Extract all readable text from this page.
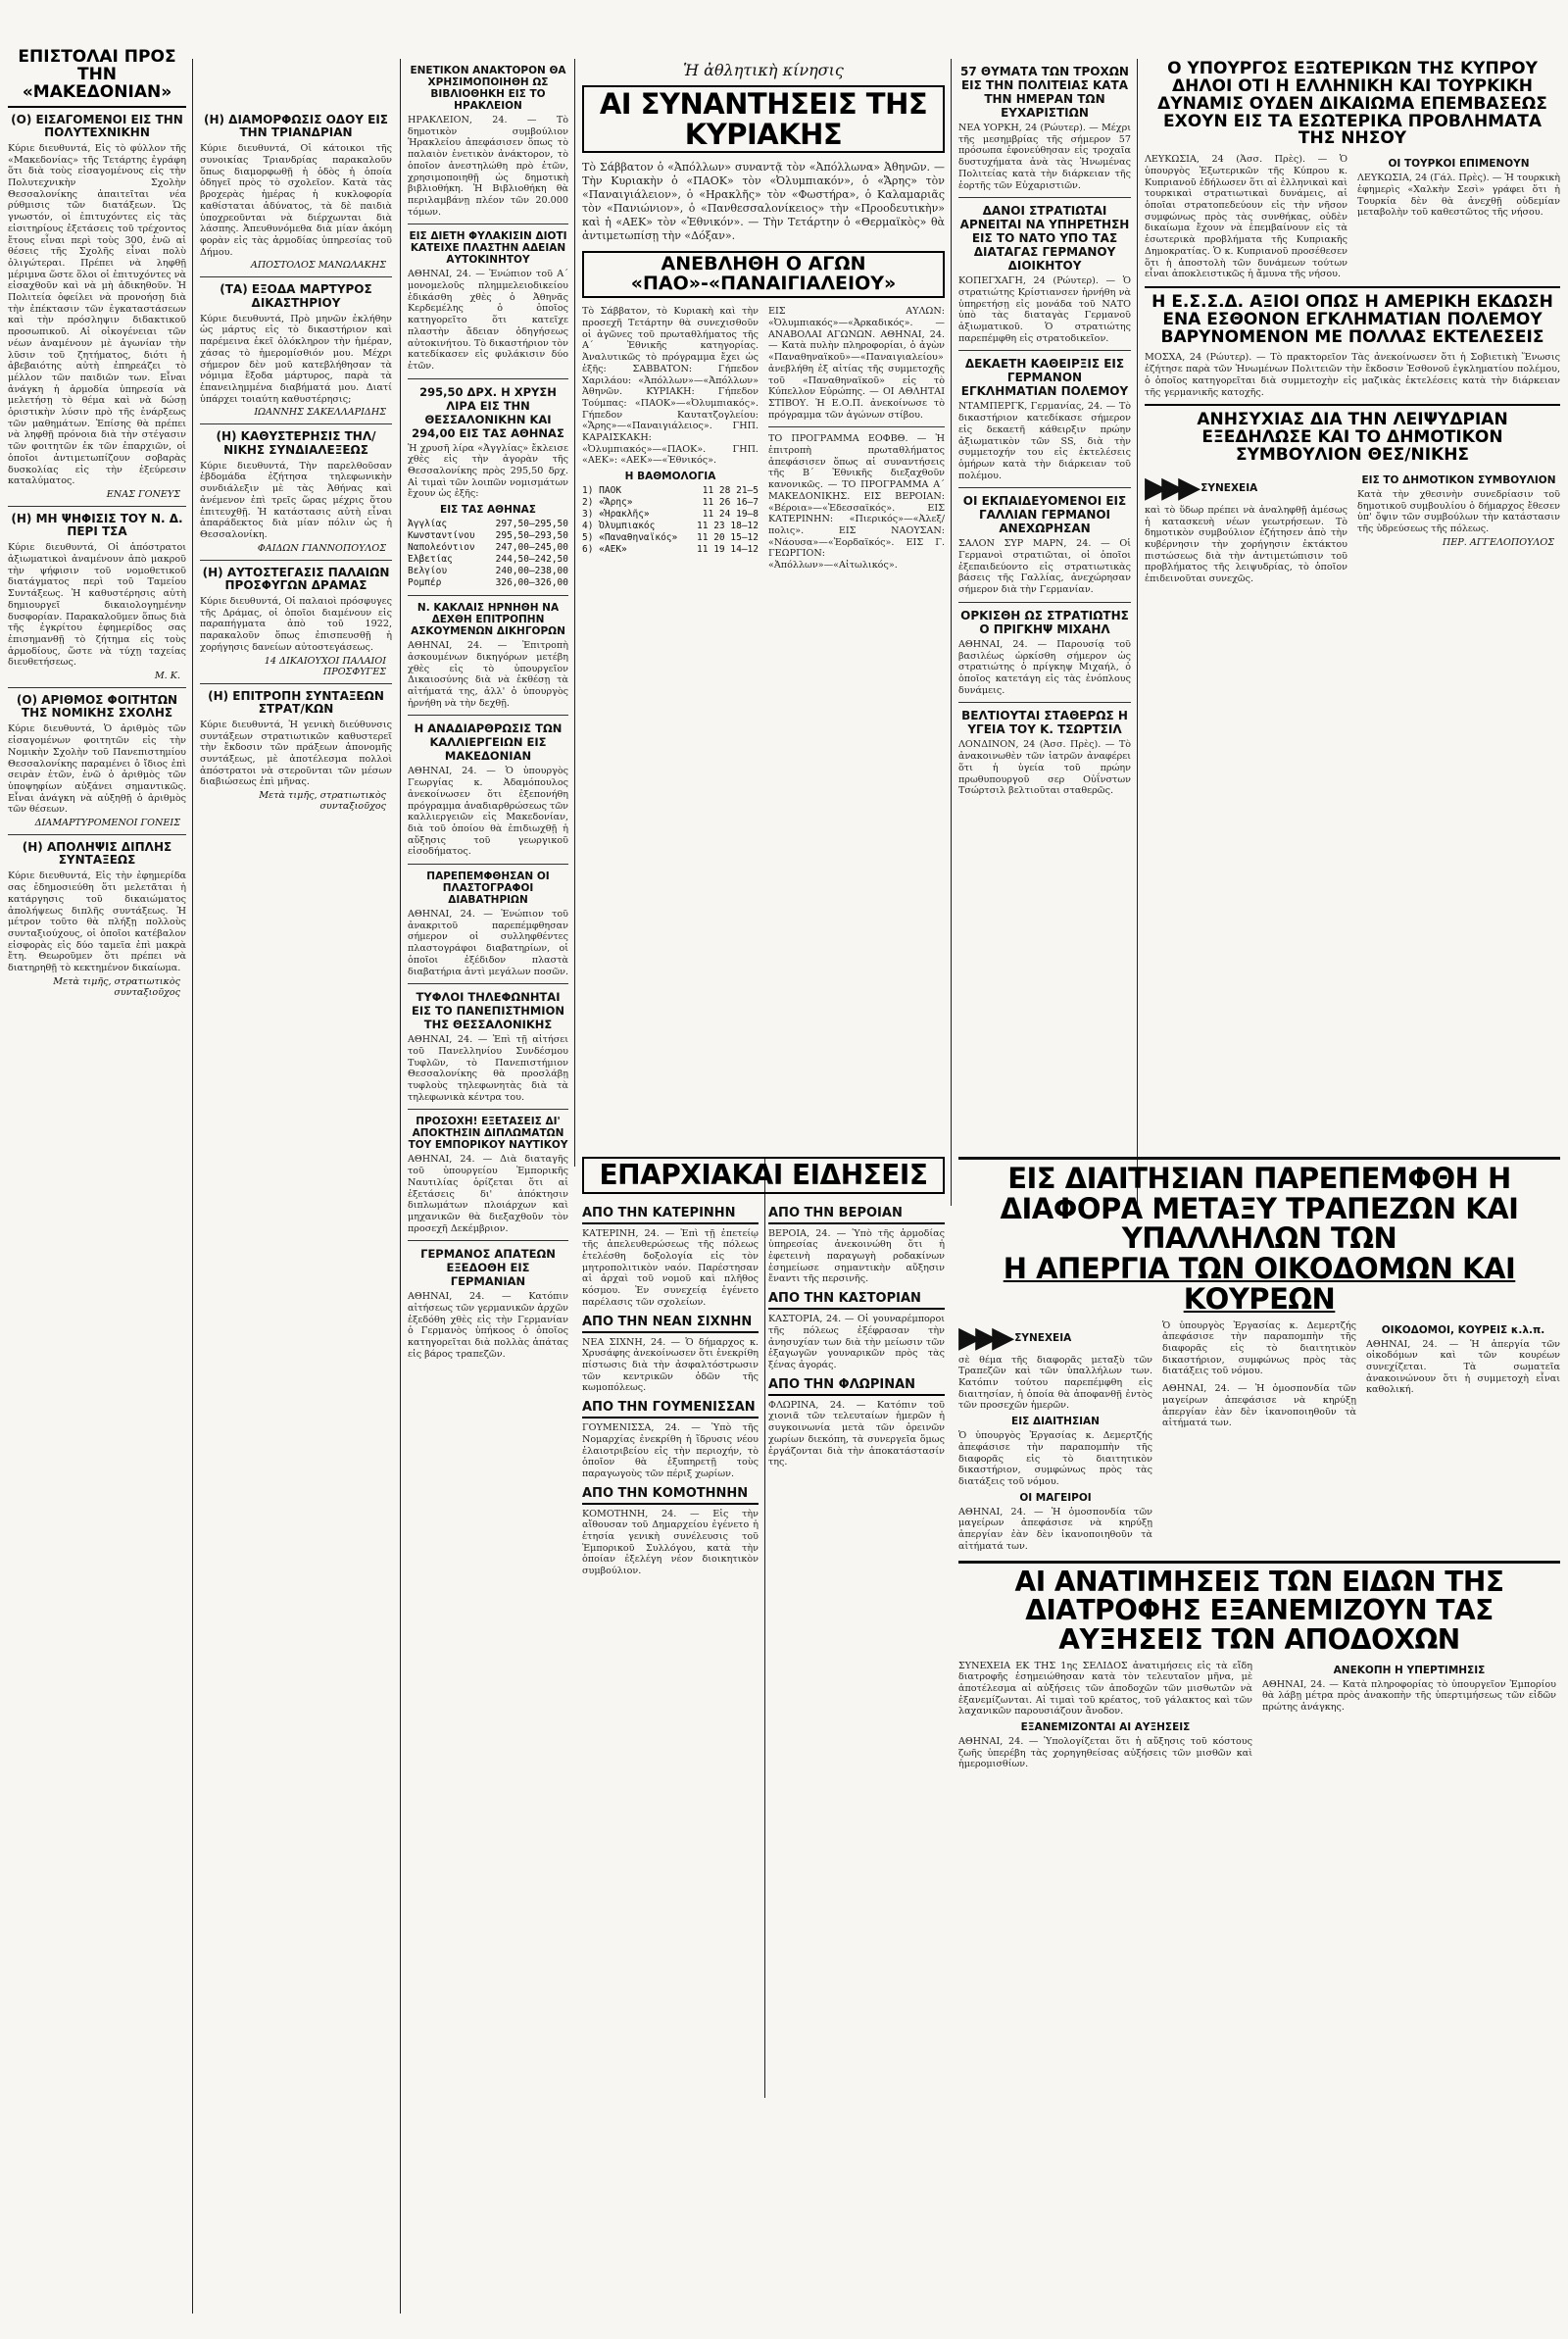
ΕΠΙΣΤΟΛΑΙ ΠΡΟΣ ΤΗΝ «ΜΑΚΕΔΟΝΙΑΝ»
(Ο) ΕΙΣΑΓΟΜΕΝΟΙ ΕΙΣ ΤΗΝ ΠΟΛΥΤΕΧΝΙΚΗΝ
Κύριε διευθυντά, Εἰς τὸ φύλλον τῆς «Μακεδονίας» τῆς Τετάρτης ἐγράφη ὅτι διὰ τοὺς εἰσαγομένους εἰς τὴν Πολυτεχνικὴν Σχολὴν Θεσσαλονίκης ἀπαιτεῖται νέα ρύθμισις τῶν διατάξεων. Ὡς γνωστόν, οἱ ἐπιτυχόντες εἰς τὰς εἰσιτηρίους ἐξετάσεις τοῦ τρέχοντος ἔτους εἶναι περὶ τοὺς 300, ἐνῶ αἱ θέσεις τῆς Σχολῆς εἶναι πολὺ ὀλιγώτεραι. Πρέπει νὰ ληφθῇ μέριμνα ὥστε ὅλοι οἱ ἐπιτυχόντες νὰ εἰσαχθοῦν καὶ νὰ μὴ ἀδικηθοῦν. Ἡ Πολιτεία ὀφείλει νὰ προνοήσῃ διὰ τὴν ἐπέκτασιν τῶν ἐγκαταστάσεων καὶ τὴν πρόσληψιν διδακτικοῦ προσωπικοῦ. Αἱ οἰκογένειαι τῶν νέων ἀναμένουν μὲ ἀγωνίαν τὴν λῦσιν τοῦ ζητήματος, διότι ἡ ἀβεβαιότης αὐτὴ ἐπηρεάζει τὸ μέλλον τῶν παιδιῶν των. Εἶναι ἀνάγκη ἡ ἁρμοδία ὑπηρεσία νὰ μελετήσῃ τὸ θέμα καὶ νὰ δώσῃ ὁριστικὴν λύσιν πρὸ τῆς ἐνάρξεως τῶν μαθημάτων. Ἐπίσης θὰ πρέπει νὰ ληφθῇ πρόνοια διὰ τὴν στέγασιν τῶν φοιτητῶν ἐκ τῶν ἐπαρχιῶν, οἱ ὁποῖοι ἀντιμετωπίζουν σοβαρὰς δυσκολίας εἰς τὴν ἐξεύρεσιν καταλύματος.
ΕΝΑΣ ΓΟΝΕΥΣ
(Η) ΜΗ ΨΗΦΙΣΙΣ ΤΟΥ Ν. Δ. ΠΕΡΙ ΤΣΑ
Κύριε διευθυντά, Οἱ ἀπόστρατοι ἀξιωματικοὶ ἀναμένουν ἀπὸ μακροῦ τὴν ψήφισιν τοῦ νομοθετικοῦ διατάγματος περὶ τοῦ Ταμείου Συντάξεως. Ἡ καθυστέρησις αὐτὴ δημιουργεῖ δικαιολογημένην δυσφορίαν. Παρακαλοῦμεν ὅπως διὰ τῆς ἐγκρίτου ἐφημερίδος σας ἐπισημανθῇ τὸ ζήτημα εἰς τοὺς ἁρμοδίους, ὥστε νὰ τύχῃ ταχείας διευθετήσεως.
Μ. Κ.
(Ο) ΑΡΙΘΜΟΣ ΦΟΙΤΗΤΩΝ ΤΗΣ ΝΟΜΙΚΗΣ ΣΧΟΛΗΣ
Κύριε διευθυντά, Ὁ ἀριθμὸς τῶν εἰσαγομένων φοιτητῶν εἰς τὴν Νομικὴν Σχολὴν τοῦ Πανεπιστημίου Θεσσαλονίκης παραμένει ὁ ἴδιος ἐπὶ σειρὰν ἐτῶν, ἐνῶ ὁ ἀριθμὸς τῶν ὑποψηφίων αὐξάνει σημαντικῶς. Εἶναι ἀνάγκη νὰ αὐξηθῇ ὁ ἀριθμὸς τῶν θέσεων.
ΔΙΑΜΑΡΤΥΡΟΜΕΝΟΙ ΓΟΝΕΙΣ
(Η) ΑΠΟΛΗΨΙΣ ΔΙΠΛΗΣ ΣΥΝΤΑΞΕΩΣ
Κύριε διευθυντά, Εἰς τὴν ἐφημερίδα σας ἐδημοσιεύθη ὅτι μελετᾶται ἡ κατάργησις τοῦ δικαιώματος ἀπολήψεως διπλῆς συντάξεως. Ἡ μέτρον τοῦτο θὰ πλήξῃ πολλοὺς συνταξιούχους, οἱ ὁποῖοι κατέβαλον εἰσφορὰς εἰς δύο ταμεῖα ἐπὶ μακρὰ ἔτη. Θεωροῦμεν ὅτι πρέπει νὰ διατηρηθῇ τὸ κεκτημένον δικαίωμα.
Μετὰ τιμῆς, στρατιωτικὸς συνταξιοῦχος
(Η) ΔΙΑΜΟΡΦΩΣΙΣ ΟΔΟΥ ΕΙΣ ΤΗΝ ΤΡΙΑΝΔΡΙΑΝ
Κύριε διευθυντά, Οἱ κάτοικοι τῆς συνοικίας Τριανδρίας παρακαλοῦν ὅπως διαμορφωθῇ ἡ ὁδὸς ἡ ὁποία ὁδηγεῖ πρὸς τὸ σχολεῖον. Κατὰ τὰς βροχερὰς ἡμέρας ἡ κυκλοφορία καθίσταται ἀδύνατος, τὰ δὲ παιδιὰ ὑποχρεοῦνται νὰ διέρχωνται διὰ λάσπης. Ἀπευθυνόμεθα διὰ μίαν ἀκόμη φορὰν εἰς τὰς ἁρμοδίας ὑπηρεσίας τοῦ Δήμου.
ΑΠΟΣΤΟΛΟΣ ΜΑΝΩΛΑΚΗΣ
(ΤΑ) ΕΞΟΔΑ ΜΑΡΤΥΡΟΣ ΔΙΚΑΣΤΗΡΙΟΥ
Κύριε διευθυντά, Πρὸ μηνῶν ἐκλήθην ὡς μάρτυς εἰς τὸ δικαστήριον καὶ παρέμεινα ἐκεῖ ὁλόκληρον τὴν ἡμέραν, χάσας τὸ ἡμερομίσθιόν μου. Μέχρι σήμερον δὲν μοῦ κατεβλήθησαν τὰ νόμιμα ἔξοδα μάρτυρος, παρὰ τὰ ἐπανειλημμένα διαβήματά μου. Διατί ὑπάρχει τοιαύτη καθυστέρησις;
ΙΩΑΝΝΗΣ ΣΑΚΕΛΛΑΡΙΔΗΣ
(Η) ΚΑΘΥΣΤΕΡΗΣΙΣ ΤΗΛ/ΝΙΚΗΣ ΣΥΝΔΙΑΛΕΞΕΩΣ
Κύριε διευθυντά, Τὴν παρελθοῦσαν ἑβδομάδα ἐζήτησα τηλεφωνικὴν συνδιάλεξιν μὲ τὰς Ἀθήνας καὶ ἀνέμενον ἐπὶ τρεῖς ὥρας μέχρις ὅτου ἐπιτευχθῇ. Ἡ κατάστασις αὐτὴ εἶναι ἀπαράδεκτος διὰ μίαν πόλιν ὡς ἡ Θεσσαλονίκη.
ΦΑΙΔΩΝ ΓΙΑΝΝΟΠΟΥΛΟΣ
(Η) ΑΥΤΟΣΤΕΓΑΣΙΣ ΠΑΛΑΙΩΝ ΠΡΟΣΦΥΓΩΝ ΔΡΑΜΑΣ
Κύριε διευθυντά, Οἱ παλαιοὶ πρόσφυγες τῆς Δράμας, οἱ ὁποῖοι διαμένουν εἰς παραπήγματα ἀπὸ τοῦ 1922, παρακαλοῦν ὅπως ἐπισπευσθῇ ἡ χορήγησις δανείων αὐτοστεγάσεως.
14 ΔΙΚΑΙΟΥΧΟΙ ΠΑΛΑΙΟΙ ΠΡΟΣΦΥΓΕΣ
(Η) ΕΠΙΤΡΟΠΗ ΣΥΝΤΑΞΕΩΝ ΣΤΡΑΤ/ΚΩΝ
Κύριε διευθυντά, Ἡ γενικὴ διεύθυνσις συντάξεων στρατιωτικῶν καθυστερεῖ τὴν ἔκδοσιν τῶν πράξεων ἀπονομῆς συντάξεως, μὲ ἀποτέλεσμα πολλοὶ ἀπόστρατοι νὰ στεροῦνται τῶν μέσων διαβιώσεως ἐπὶ μῆνας.
Μετὰ τιμῆς, στρατιωτικὸς συνταξιοῦχος
ΕΝΕΤΙΚΟΝ ΑΝΑΚΤΟΡΟΝ ΘΑ ΧΡΗΣΙΜΟΠΟΙΗΘΗ ΩΣ ΒΙΒΛΙΟΘΗΚΗ ΕΙΣ ΤΟ ΗΡΑΚΛΕΙΟΝ
ΗΡΑΚΛΕΙΟΝ, 24. — Τὸ δημοτικὸν συμβούλιον Ἡρακλείου ἀπεφάσισεν ὅπως τὸ παλαιὸν ἐνετικὸν ἀνάκτορον, τὸ ὁποῖον ἀνεστηλώθη πρὸ ἐτῶν, χρησιμοποιηθῇ ὡς δημοτικὴ βιβλιοθήκη. Ἡ Βιβλιοθήκη θὰ περιλαμβάνῃ πλέον τῶν 20.000 τόμων.
ΕΙΣ ΔΙΕΤΗ ΦΥΛΑΚΙΣΙΝ ΔΙΟΤΙ ΚΑΤΕΙΧΕ ΠΛΑΣΤΗΝ ΑΔΕΙΑΝ ΑΥΤΟΚΙΝΗΤΟΥ
ΑΘΗΝΑΙ, 24. — Ἐνώπιον τοῦ Α΄ μονομελοῦς πλημμελειοδικείου ἐδικάσθη χθὲς ὁ Ἀθηνᾶς Κερδεμέλης ὁ ὁποῖος κατηγορεῖτο ὅτι κατεῖχε πλαστὴν ἄδειαν ὁδηγήσεως αὐτοκινήτου. Τὸ δικαστήριον τὸν κατεδίκασεν εἰς φυλάκισιν δύο ἐτῶν.
295,50 ΔΡΧ. Η ΧΡΥΣΗ ΛΙΡΑ ΕΙΣ ΤΗΝ ΘΕΣΣΑΛΟΝΙΚΗΝ ΚΑΙ 294,00 ΕΙΣ ΤΑΣ ΑΘΗΝΑΣ
Ἡ χρυσῆ λίρα «Ἀγγλίας» ἔκλεισε χθὲς εἰς τὴν ἀγορὰν τῆς Θεσσαλονίκης πρὸς 295,50 δρχ. Αἱ τιμαὶ τῶν λοιπῶν νομισμάτων ἔχουν ὡς ἑξῆς:
ΕΙΣ ΤΑΣ ΑΘΗΝΑΣ
Ἀγγλίας	297,50—295,50
Κωνσταντίνου 295,50—293,50
Ναπολεόντιον 247,00—245,00
Ἑλβετίας	244,50—242,50
Βελγίου	240,00—238,00
Ρομπέρ	326,00—326,00
Ν. ΚΑΚΛΑΙΣ ΗΡΝΗΘΗ ΝΑ ΔΕΧΘΗ ΕΠΙΤΡΟΠΗΝ ΑΣΚΟΥΜΕΝΩΝ ΔΙΚΗΓΟΡΩΝ
ΑΘΗΝΑΙ, 24. — Ἐπιτροπὴ ἀσκουμένων δικηγόρων μετέβη χθὲς εἰς τὸ ὑπουργεῖον Δικαιοσύνης διὰ νὰ ἐκθέσῃ τὰ αἰτήματά της, ἀλλ' ὁ ὑπουργὸς ἠρνήθη νὰ τὴν δεχθῇ.
Η ΑΝΑΔΙΑΡΘΡΩΣΙΣ ΤΩΝ ΚΑΛΛΙΕΡΓΕΙΩΝ ΕΙΣ ΜΑΚΕΔΟΝΙΑΝ
ΑΘΗΝΑΙ, 24. — Ὁ ὑπουργὸς Γεωργίας κ. Ἀδαμόπουλος ἀνεκοίνωσεν ὅτι ἐξεπονήθη πρόγραμμα ἀναδιαρθρώσεως τῶν καλλιεργειῶν εἰς Μακεδονίαν, διὰ τοῦ ὁποίου θὰ ἐπιδιωχθῇ ἡ αὔξησις τοῦ γεωργικοῦ εἰσοδήματος.
ΠΑΡΕΠΕΜΦΘΗΣΑΝ ΟΙ ΠΛΑΣΤΟΓΡΑΦΟΙ ΔΙΑΒΑΤΗΡΙΩΝ
ΑΘΗΝΑΙ, 24. — Ἐνώπιον τοῦ ἀνακριτοῦ παρεπέμφθησαν σήμερον οἱ συλληφθέντες πλαστογράφοι διαβατηρίων, οἱ ὁποῖοι ἐξέδιδον πλαστὰ διαβατήρια ἀντὶ μεγάλων ποσῶν.
ΤΥΦΛΟΙ ΤΗΛΕΦΩΝΗΤΑΙ ΕΙΣ ΤΟ ΠΑΝΕΠΙΣΤΗΜΙΟΝ ΤΗΣ ΘΕΣΣΑΛΟΝΙΚΗΣ
ΑΘΗΝΑΙ, 24. — Ἐπὶ τῇ αἰτήσει τοῦ Πανελληνίου Συνδέσμου Τυφλῶν, τὸ Πανεπιστήμιον Θεσσαλονίκης θὰ προσλάβῃ τυφλοὺς τηλεφωνητὰς διὰ τὰ τηλεφωνικὰ κέντρα του.
ΠΡΟΣΟΧΗ! ΕΞΕΤΑΣΕΙΣ ΔΙ' ΑΠΟΚΤΗΣΙΝ ΔΙΠΛΩΜΑΤΩΝ ΤΟΥ ΕΜΠΟΡΙΚΟΥ ΝΑΥΤΙΚΟΥ
ΑΘΗΝΑΙ, 24. — Διὰ διαταγῆς τοῦ ὑπουργείου Ἐμπορικῆς Ναυτιλίας ὁρίζεται ὅτι αἱ ἐξετάσεις δι' ἀπόκτησιν διπλωμάτων πλοιάρχων καὶ μηχανικῶν θὰ διεξαχθοῦν τὸν προσεχῆ Δεκέμβριον.
ΓΕΡΜΑΝΟΣ ΑΠΑΤΕΩΝ ΕΞΕΔΟΘΗ ΕΙΣ ΓΕΡΜΑΝΙΑΝ
ΑΘΗΝΑΙ, 24. — Κατόπιν αἰτήσεως τῶν γερμανικῶν ἀρχῶν ἐξεδόθη χθὲς εἰς τὴν Γερμανίαν ὁ Γερμανὸς ὑπήκοος ὁ ὁποῖος κατηγορεῖται διὰ πολλὰς ἀπάτας εἰς βάρος τραπεζῶν.
Ἡ ἀθλητικὴ κίνησις
ΑΙ ΣΥΝΑΝΤΗΣΕΙΣ ΤΗΣ ΚΥΡΙΑΚΗΣ
Τὸ Σάββατον ὁ «Ἀπόλλων» συναντᾷ τὸν «Ἀπόλλωνα» Ἀθηνῶν. — Τὴν Κυριακὴν ὁ «ΠΑΟΚ» τὸν «Ὀλυμπιακόν», ὁ «Ἄρης» τὸν «Παναιγιάλειον», ὁ «Ηρακλῆς» τὸν «Φωστήρα», ὁ Καλαμαριᾶς τὸν «Πανιώνιον», ὁ «Πανθεσσαλονίκειος» τὴν «Προοδευτικὴν» καὶ ἡ «ΑΕΚ» τὸν «Ἐθνικόν». — Τὴν Τετάρτην ὁ «Θερμαϊκὸς» θὰ ἀντιμετωπίσῃ τὴν «Δόξαν».
ΑΝΕΒΛΗΘΗ Ο ΑΓΩΝ «ΠΑΟ»-«ΠΑΝΑΙΓΙΑΛΕΙΟΥ»
Τὸ Σάββατον, τὸ Κυριακὴ καὶ τὴν προσεχῆ Τετάρτην θὰ συνεχισθοῦν οἱ ἀγῶνες τοῦ πρωταθλήματος τῆς Α΄ Ἐθνικῆς κατηγορίας. Ἀναλυτικῶς τὸ πρόγραμμα ἔχει ὡς ἑξῆς: ΣΑΒΒΑΤΟΝ: Γήπεδον Χαριλάου: «Ἀπόλλων»—«Ἀπόλλων» Ἀθηνῶν. ΚΥΡΙΑΚΗ: Γήπεδον Τούμπας: «ΠΑΟΚ»—«Ὀλυμπιακός». Γήπεδον Καυτατζογλείου: «Ἄρης»—«Παναιγιάλειος». ΓΗΠ. ΚΑΡΑΙΣΚΑΚΗ: «Ὀλυμπιακός»—«ΠΑΟΚ». ΓΗΠ. «ΑΕΚ»: «ΑΕΚ»—«Ἐθνικός».
Η ΒΑΘΜΟΛΟΓΙΑ
1) ΠΑΟΚ	11 28 21—5
2) «Ἄρης»	11 26 16—7
3) «Ἡρακλῆς»	11 24 19—8
4) Ὀλυμπιακός	11 23 18—12
5) «Παναθηναϊκός» 11 20 15—12
6) «ΑΕΚ»	11 19 14—12
ΕΙΣ ΑΥΛΩΝ: «Ὀλυμπιακός»—«Ἀρκαδικός». — ΑΝΑΒΟΛΑΙ ΑΓΩΝΩΝ. ΑΘΗΝΑΙ, 24. — Κατὰ πυλὴν πληροφορίαι, ὁ ἀγὼν «Παναθηναϊκοῦ»—«Παναιγιαλείου» ἀνεβλήθη ἐξ αἰτίας τῆς συμμετοχῆς τοῦ «Παναθηναϊκοῦ» εἰς τὸ Κύπελλον Εὐρώπης. — ΟΙ ΑΘΛΗΤΑΙ ΣΤΙΒΟΥ. Ἡ Ε.Ο.Π. ἀνεκοίνωσε τὸ πρόγραμμα τῶν ἀγώνων στίβου.
ΤΟ ΠΡΟΓΡΑΜΜΑ ΕΟΦΒΘ. — Ἡ ἐπιτροπὴ πρωταθλήματος ἀπεφάσισεν ὅπως αἱ συναντήσεις τῆς Β΄ Ἐθνικῆς διεξαχθοῦν κανονικῶς. — ΤΟ ΠΡΟΓΡΑΜΜΑ Α΄ ΜΑΚΕΔΟΝΙΚΗΣ. ΕΙΣ ΒΕΡΟΙΑΝ: «Βέροια»—«Ἐδεσσαϊκός». ΕΙΣ ΚΑΤΕΡΙΝΗΝ: «Πιερικός»—«Ἀλεξ/πολις». ΕΙΣ ΝΑΟΥΣΑΝ: «Νάουσα»—«Ἐορδαϊκός». ΕΙΣ Γ. ΓΕΩΡΓΙΟΝ: «Ἀπόλλων»—«Αἰτωλικός».
ΕΠΑΡΧΙΑΚΑΙ ΕΙΔΗΣΕΙΣ
ΑΠΟ ΤΗΝ ΚΑΤΕΡΙΝΗΝ
ΚΑΤΕΡΙΝΗ, 24. — Ἐπὶ τῇ ἐπετείῳ τῆς ἀπελευθερώσεως τῆς πόλεως ἐτελέσθη δοξολογία εἰς τὸν μητροπολιτικὸν ναόν. Παρέστησαν αἱ ἀρχαὶ τοῦ νομοῦ καὶ πλῆθος κόσμου. Ἐν συνεχείᾳ ἐγένετο παρέλασις τῶν σχολείων.
ΑΠΟ ΤΗΝ ΝΕΑΝ ΣΙΧΝΗΝ
ΝΕΑ ΣΙΧΝΗ, 24. — Ὁ δήμαρχος κ. Χρυσάφης ἀνεκοίνωσεν ὅτι ἐνεκρίθη πίστωσις διὰ τὴν ἀσφαλτόστρωσιν τῶν κεντρικῶν ὁδῶν τῆς κωμοπόλεως.
ΑΠΟ ΤΗΝ ΓΟΥΜΕΝΙΣΣΑΝ
ΓΟΥΜΕΝΙΣΣΑ, 24. — Ὑπὸ τῆς Νομαρχίας ἐνεκρίθη ἡ ἵδρυσις νέου ἐλαιοτριβείου εἰς τὴν περιοχήν, τὸ ὁποῖον θὰ ἐξυπηρετῇ τοὺς παραγωγοὺς τῶν πέριξ χωρίων.
ΑΠΟ ΤΗΝ ΚΟΜΟΤΗΝΗΝ
ΚΟΜΟΤΗΝΗ, 24. — Εἰς τὴν αἴθουσαν τοῦ Δημαρχείου ἐγένετο ἡ ἐτησία γενικὴ συνέλευσις τοῦ Ἐμπορικοῦ Συλλόγου, κατὰ τὴν ὁποίαν ἐξελέγη νέον διοικητικὸν συμβούλιον.
ΑΠΟ ΤΗΝ ΒΕΡΟΙΑΝ
ΒΕΡΟΙΑ, 24. — Ὑπὸ τῆς ἁρμοδίας ὑπηρεσίας ἀνεκοινώθη ὅτι ἡ ἐφετεινὴ παραγωγὴ ροδακίνων ἐσημείωσε σημαντικὴν αὔξησιν ἔναντι τῆς περσινῆς.
ΑΠΟ ΤΗΝ ΚΑΣΤΟΡΙΑΝ
ΚΑΣΤΟΡΙΑ, 24. — Οἱ γουναρέμποροι τῆς πόλεως ἐξέφρασαν τὴν ἀνησυχίαν των διὰ τὴν μείωσιν τῶν ἐξαγωγῶν γουναρικῶν πρὸς τὰς ξένας ἀγοράς.
ΑΠΟ ΤΗΝ ΦΛΩΡΙΝΑΝ
ΦΛΩΡΙΝΑ, 24. — Κατόπιν τοῦ χιονιᾶ τῶν τελευταίων ἡμερῶν ἡ συγκοινωνία μετὰ τῶν ὀρεινῶν χωρίων διεκόπη, τὰ συνεργεῖα ὅμως ἐργάζονται διὰ τὴν ἀποκατάστασίν της.
57 ΘΥΜΑΤΑ ΤΩΝ ΤΡΟΧΩΝ ΕΙΣ ΤΗΝ ΠΟΛΙΤΕΙΑΣ ΚΑΤΑ ΤΗΝ ΗΜΕΡΑΝ ΤΩΝ ΕΥΧΑΡΙΣΤΙΩΝ
ΝΕΑ ΥΟΡΚΗ, 24 (Ρώυτερ). — Μέχρι τῆς μεσημβρίας τῆς σήμερον 57 πρόσωπα ἐφονεύθησαν εἰς τροχαῖα δυστυχήματα ἀνὰ τὰς Ἡνωμένας Πολιτείας κατὰ τὴν διάρκειαν τῆς ἑορτῆς τῶν Εὐχαριστιῶν.
ΔΑΝΟΙ ΣΤΡΑΤΙΩΤΑΙ ΑΡΝΕΙΤΑΙ ΝΑ ΥΠΗΡΕΤΗΣΗ ΕΙΣ ΤΟ ΝΑΤΟ ΥΠΟ ΤΑΣ ΔΙΑΤΑΓΑΣ ΓΕΡΜΑΝΟΥ ΔΙΟΙΚΗΤΟΥ
ΚΟΠΕΓΧΑΓΗ, 24 (Ρώυτερ). — Ὁ στρατιώτης Κρίστιανσεν ἠρνήθη νὰ ὑπηρετήσῃ εἰς μονάδα τοῦ ΝΑΤΟ ὑπὸ τὰς διαταγὰς Γερμανοῦ ἀξιωματικοῦ. Ὁ στρατιώτης παρεπέμφθη εἰς στρατοδικεῖον.
ΔΕΚΑΕΤΗ ΚΑΘΕΙΡΞΙΣ ΕΙΣ ΓΕΡΜΑΝΟΝ ΕΓΚΛΗΜΑΤΙΑΝ ΠΟΛΕΜΟΥ
ΝΤΑΜΠΕΡΓΚ, Γερμανίας, 24. — Τὸ δικαστήριον κατεδίκασε σήμερον εἰς δεκαετῆ κάθειρξιν πρώην ἀξιωματικὸν τῶν SS, διὰ τὴν συμμετοχήν του εἰς ἐκτελέσεις ὁμήρων κατὰ τὴν διάρκειαν τοῦ πολέμου.
ΟΙ ΕΚΠΑΙΔΕΥΟΜΕΝΟΙ ΕΙΣ ΓΑΛΛΙΑΝ ΓΕΡΜΑΝΟΙ ΑΝΕΧΩΡΗΣΑΝ
ΣΑΛΟΝ ΣΥΡ ΜΑΡΝ, 24. — Οἱ Γερμανοὶ στρατιῶται, οἱ ὁποῖοι ἐξεπαιδεύοντο εἰς στρατιωτικὰς βάσεις τῆς Γαλλίας, ἀνεχώρησαν σήμερον διὰ τὴν Γερμανίαν.
ΟΡΚΙΣΘΗ ΩΣ ΣΤΡΑΤΙΩΤΗΣ Ο ΠΡΙΓΚΗΨ ΜΙΧΑΗΛ
ΑΘΗΝΑΙ, 24. — Παρουσίᾳ τοῦ βασιλέως ὡρκίσθη σήμερον ὡς στρατιώτης ὁ πρίγκηψ Μιχαήλ, ὁ ὁποῖος κατετάγη εἰς τὰς ἐνόπλους δυνάμεις.
ΒΕΛΤΙΟΥΤΑΙ ΣΤΑΘΕΡΩΣ Η ΥΓΕΙΑ ΤΟΥ Κ. ΤΣΩΡΤΣΙΛ
ΛΟΝΔΙΝΟΝ, 24 (Ἀσσ. Πρὲς). — Τὸ ἀνακοινωθὲν τῶν ἰατρῶν ἀναφέρει ὅτι ἡ ὑγεία τοῦ πρώην πρωθυπουργοῦ σερ Οὐΐνστων Τσώρτσιλ βελτιοῦται σταθερῶς.
Ο ΥΠΟΥΡΓΟΣ ΕΞΩΤΕΡΙΚΩΝ ΤΗΣ ΚΥΠΡΟΥ ΔΗΛΟΙ ΟΤΙ Η ΕΛΛΗΝΙΚΗ ΚΑΙ ΤΟΥΡΚΙΚΗ ΔΥΝΑΜΙΣ ΟΥΔΕΝ ΔΙΚΑΙΩΜΑ ΕΠΕΜΒΑΣΕΩΣ ΕΧΟΥΝ ΕΙΣ ΤΑ ΕΣΩΤΕΡΙΚΑ ΠΡΟΒΛΗΜΑΤΑ ΤΗΣ ΝΗΣΟΥ
ΛΕΥΚΩΣΙΑ, 24 (Ἀσσ. Πρὲς). — Ὁ ὑπουργὸς Ἐξωτερικῶν τῆς Κύπρου κ. Κυπριανοῦ ἐδήλωσεν ὅτι αἱ ἑλληνικαὶ καὶ τουρκικαὶ στρατιωτικαὶ δυνάμεις, αἱ ὁποῖαι στρατοπεδεύουν εἰς τὴν νῆσον συμφώνως πρὸς τὰς συνθήκας, οὐδὲν δικαίωμα ἔχουν νὰ ἐπεμβαίνουν εἰς τὰ ἐσωτερικὰ προβλήματα τῆς Κυπριακῆς Δημοκρατίας. Ὁ κ. Κυπριανοῦ προσέθεσεν ὅτι ἡ ἀποστολὴ τῶν δυνάμεων τούτων εἶναι ἀποκλειστικῶς ἡ ἄμυνα τῆς νήσου.
ΟΙ ΤΟΥΡΚΟΙ ΕΠΙΜΕΝΟΥΝ
ΛΕΥΚΩΣΙΑ, 24 (Γάλ. Πρὲς). — Ἡ τουρκικὴ ἐφημερὶς «Χαλκὴν Σεσὶ» γράφει ὅτι ἡ Τουρκία δὲν θὰ ἀνεχθῇ οὐδεμίαν μεταβολὴν τοῦ καθεστῶτος τῆς νήσου.
Η Ε.Σ.Σ.Δ. ΑΞΙΟΙ ΟΠΩΣ Η ΑΜΕΡΙΚΗ ΕΚΔΩΣΗ ΕΝΑ ΕΣΘΟΝΟΝ ΕΓΚΛΗΜΑΤΙΑΝ ΠΟΛΕΜΟΥ ΒΑΡΥΝΟΜΕΝΟΝ ΜΕ ΠΟΛΛΑΣ ΕΚΤΕΛΕΣΕΙΣ
ΜΟΣΧΑ, 24 (Ρώυτερ). — Τὸ πρακτορεῖον Τὰς ἀνεκοίνωσεν ὅτι ἡ Σοβιετικὴ Ἕνωσις ἐζήτησε παρὰ τῶν Ἡνωμένων Πολιτειῶν τὴν ἔκδοσιν Ἐσθονοῦ ἐγκληματίου πολέμου, ὁ ὁποῖος κατηγορεῖται διὰ συμμετοχὴν εἰς μαζικὰς ἐκτελέσεις κατὰ τὴν διάρκειαν τῆς γερμανικῆς κατοχῆς.
ΑΝΗΣΥΧΙΑΣ ΔΙΑ ΤΗΝ ΛΕΙΨΥΔΡΙΑΝ ΕΞΕΔΗΛΩΣΕ ΚΑΙ ΤΟ ΔΗΜΟΤΙΚΟΝ ΣΥΜΒΟΥΛΙΟΝ ΘΕΣ/ΝΙΚΗΣ
▶▶▶ ΣΥΝΕΧΕΙΑ
καὶ τὸ ὕδωρ πρέπει νὰ ἀναληφθῇ ἀμέσως ἡ κατασκευὴ νέων γεωτρήσεων. Τὸ δημοτικὸν συμβούλιον ἐζήτησεν ἀπὸ τὴν κυβέρνησιν τὴν χορήγησιν ἐκτάκτου πιστώσεως διὰ τὴν ἀντιμετώπισιν τοῦ προβλήματος τῆς λειψυδρίας, τὸ ὁποῖον ἐπιδεινοῦται συνεχῶς.
ΕΙΣ ΤΟ ΔΗΜΟΤΙΚΟΝ ΣΥΜΒΟΥΛΙΟΝ
Κατὰ τὴν χθεσινὴν συνεδρίασιν τοῦ δημοτικοῦ συμβουλίου ὁ δήμαρχος ἔθεσεν ὑπ' ὄψιν τῶν συμβούλων τὴν κατάστασιν τῆς ὑδρεύσεως τῆς πόλεως.
ΠΕΡ. ΑΓΓΕΛΟΠΟΥΛΟΣ
ΕΙΣ ΔΙΑΙΤΗΣΙΑΝ ΠΑΡΕΠΕΜΦΘΗ Η ΔΙΑΦΟΡΑ ΜΕΤΑΞΥ ΤΡΑΠΕΖΩΝ ΚΑΙ ΥΠΑΛΛΗΛΩΝ ΤΩΝ
Η ΑΠΕΡΓΙΑ ΤΩΝ ΟΙΚΟΔΟΜΩΝ ΚΑΙ ΚΟΥΡΕΩΝ
▶▶▶ ΣΥΝΕΧΕΙΑ
σὲ θέμα τῆς διαφορᾶς μεταξὺ τῶν Τραπεζῶν καὶ τῶν ὑπαλλήλων των. Κατόπιν τούτου παρεπέμφθη εἰς διαιτησίαν, ἡ ὁποία θὰ ἀποφανθῇ ἐντὸς τῶν προσεχῶν ἡμερῶν.
ΕΙΣ ΔΙΑΙΤΗΣΙΑΝ
Ὁ ὑπουργὸς Ἐργασίας κ. Δεμερτζής ἀπεφάσισε τὴν παραπομπὴν τῆς διαφορᾶς εἰς τὸ διαιτητικὸν δικαστήριον, συμφώνως πρὸς τὰς διατάξεις τοῦ νόμου.
ΟΙ ΜΑΓΕΙΡΟΙ
ΑΘΗΝΑΙ, 24. — Ἡ ὁμοσπονδία τῶν μαγείρων ἀπεφάσισε νὰ κηρύξῃ ἀπεργίαν ἐὰν δὲν ἱκανοποιηθοῦν τὰ αἰτήματά των.
Ὁ ὑπουργὸς Ἐργασίας κ. Δεμερτζής ἀπεφάσισε τὴν παραπομπὴν τῆς διαφορᾶς εἰς τὸ διαιτητικὸν δικαστήριον, συμφώνως πρὸς τὰς διατάξεις τοῦ νόμου.
ΑΘΗΝΑΙ, 24. — Ἡ ὁμοσπονδία τῶν μαγείρων ἀπεφάσισε νὰ κηρύξῃ ἀπεργίαν ἐὰν δὲν ἱκανοποιηθοῦν τὰ αἰτήματά των.
ΟΙΚΟΔΟΜΟΙ, ΚΟΥΡΕΙΣ κ.λ.π.
ΑΘΗΝΑΙ, 24. — Ἡ ἀπεργία τῶν οἰκοδόμων καὶ τῶν κουρέων συνεχίζεται. Τὰ σωματεῖα ἀνακοινώνουν ὅτι ἡ συμμετοχὴ εἶναι καθολική.
ΑΙ ΑΝΑΤΙΜΗΣΕΙΣ ΤΩΝ ΕΙΔΩΝ ΤΗΣ ΔΙΑΤΡΟΦΗΣ ΕΞΑΝΕΜΙΖΟΥΝ ΤΑΣ ΑΥΞΗΣΕΙΣ ΤΩΝ ΑΠΟΔΟΧΩΝ
ΣΥΝΕΧΕΙΑ ΕΚ ΤΗΣ 1ης ΣΕΛΙΔΟΣ ἀνατιμήσεις εἰς τὰ εἴδη διατροφῆς ἐσημειώθησαν κατὰ τὸν τελευταῖον μῆνα, μὲ ἀποτέλεσμα αἱ αὐξήσεις τῶν ἀποδοχῶν τῶν μισθωτῶν νὰ ἐξανεμίζωνται. Αἱ τιμαὶ τοῦ κρέατος, τοῦ γάλακτος καὶ τῶν λαχανικῶν παρουσιάζουν ἄνοδον.
ΕΞΑΝΕΜΙΖΟΝΤΑΙ ΑΙ ΑΥΞΗΣΕΙΣ
ΑΘΗΝΑΙ, 24. — Ὑπολογίζεται ὅτι ἡ αὔξησις τοῦ κόστους ζωῆς ὑπερέβη τὰς χορηγηθείσας αὐξήσεις τῶν μισθῶν καὶ ἡμερομισθίων.
ΑΝΕΚΟΠΗ Η ΥΠΕΡΤΙΜΗΣΙΣ
ΑΘΗΝΑΙ, 24. — Κατὰ πληροφορίας τὸ ὑπουργεῖον Ἐμπορίου θὰ λάβῃ μέτρα πρὸς ἀνακοπὴν τῆς ὑπερτιμήσεως τῶν εἰδῶν πρώτης ἀνάγκης.
